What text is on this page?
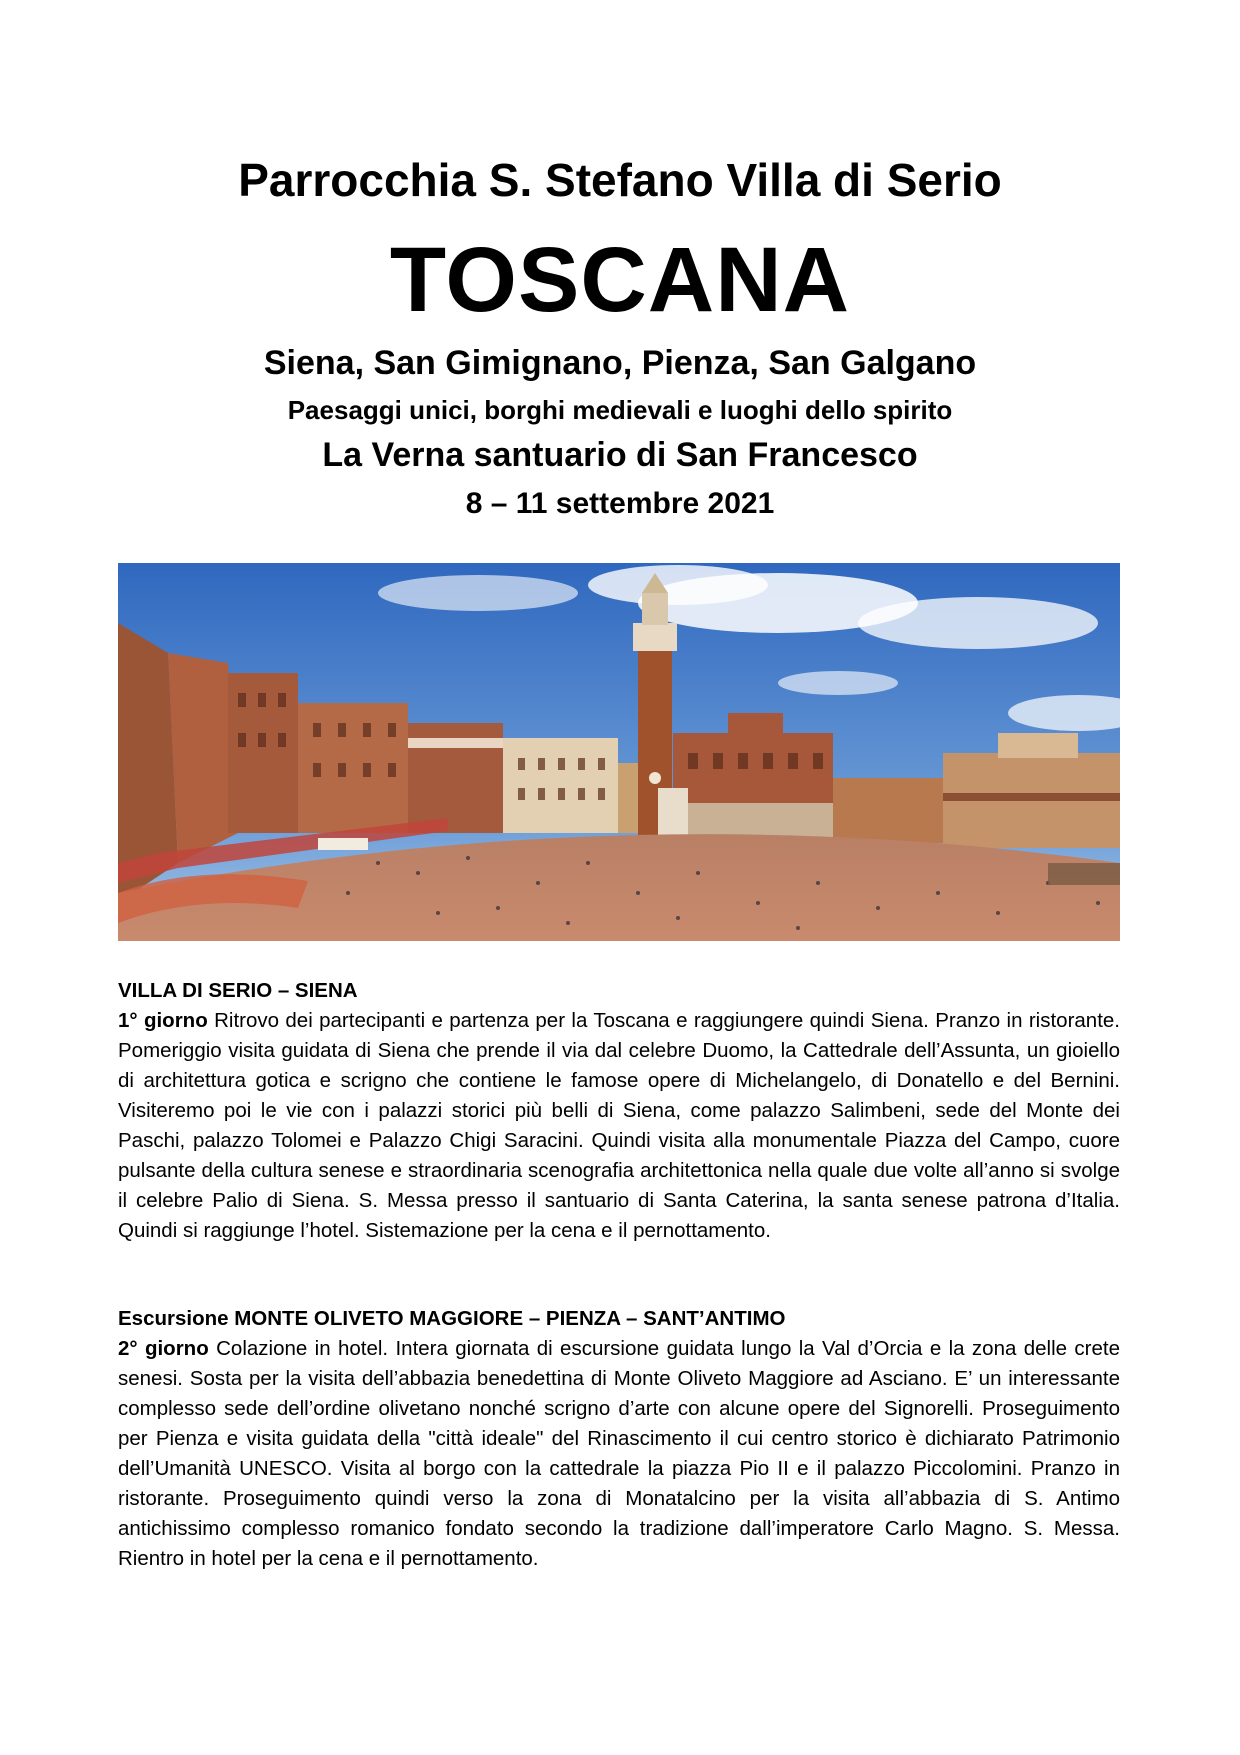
Parrocchia S. Stefano Villa di Serio
TOSCANA
Siena, San Gimignano, Pienza, San Galgano
Paesaggi unici, borghi medievali e luoghi dello spirito
La Verna santuario di San Francesco
8 – 11 settembre 2021
VILLA DI SERIO – SIENA

1° giorno Ritrovo dei partecipanti e partenza per la Toscana e raggiungere quindi Siena. Pranzo in ristorante. Pomeriggio visita guidata di Siena che prende il via dal celebre Duomo, la Cattedrale dell’Assunta, un gioiello di architettura gotica e scrigno che contiene le famose opere di Michelangelo, di Donatello e del Bernini. Visiteremo poi le vie con i palazzi storici più belli di Siena, come palazzo Salimbeni, sede del Monte dei Paschi, palazzo Tolomei e Palazzo Chigi Saracini. Quindi visita alla monumentale Piazza del Campo, cuore pulsante della cultura senese e straordinaria scenografia architettonica nella quale due volte all’anno si svolge il celebre Palio di Siena. S. Messa presso il santuario di Santa Caterina, la santa senese patrona d’Italia. Quindi si raggiunge l’hotel. Sistemazione per la cena e il pernottamento.

Escursione MONTE OLIVETO MAGGIORE – PIENZA – SANT’ANTIMO

2° giorno Colazione in hotel. Intera giornata di escursione guidata lungo la Val d’Orcia e la zona delle crete senesi. Sosta per la visita dell’abbazia benedettina di Monte Oliveto Maggiore ad Asciano. E’ un interessante complesso sede dell’ordine olivetano nonché scrigno d’arte con alcune opere del Signorelli. Proseguimento per Pienza e visita guidata della "città ideale" del Rinascimento il cui centro storico è dichiarato Patrimonio dell’Umanità UNESCO. Visita al borgo con la cattedrale la piazza Pio II e il palazzo Piccolomini. Pranzo in ristorante. Proseguimento quindi verso la zona di Monatalcino per la visita all’abbazia di S. Antimo antichissimo complesso romanico fondato secondo la tradizione dall’imperatore Carlo Magno. S. Messa. Rientro in hotel per la cena e il pernottamento.
